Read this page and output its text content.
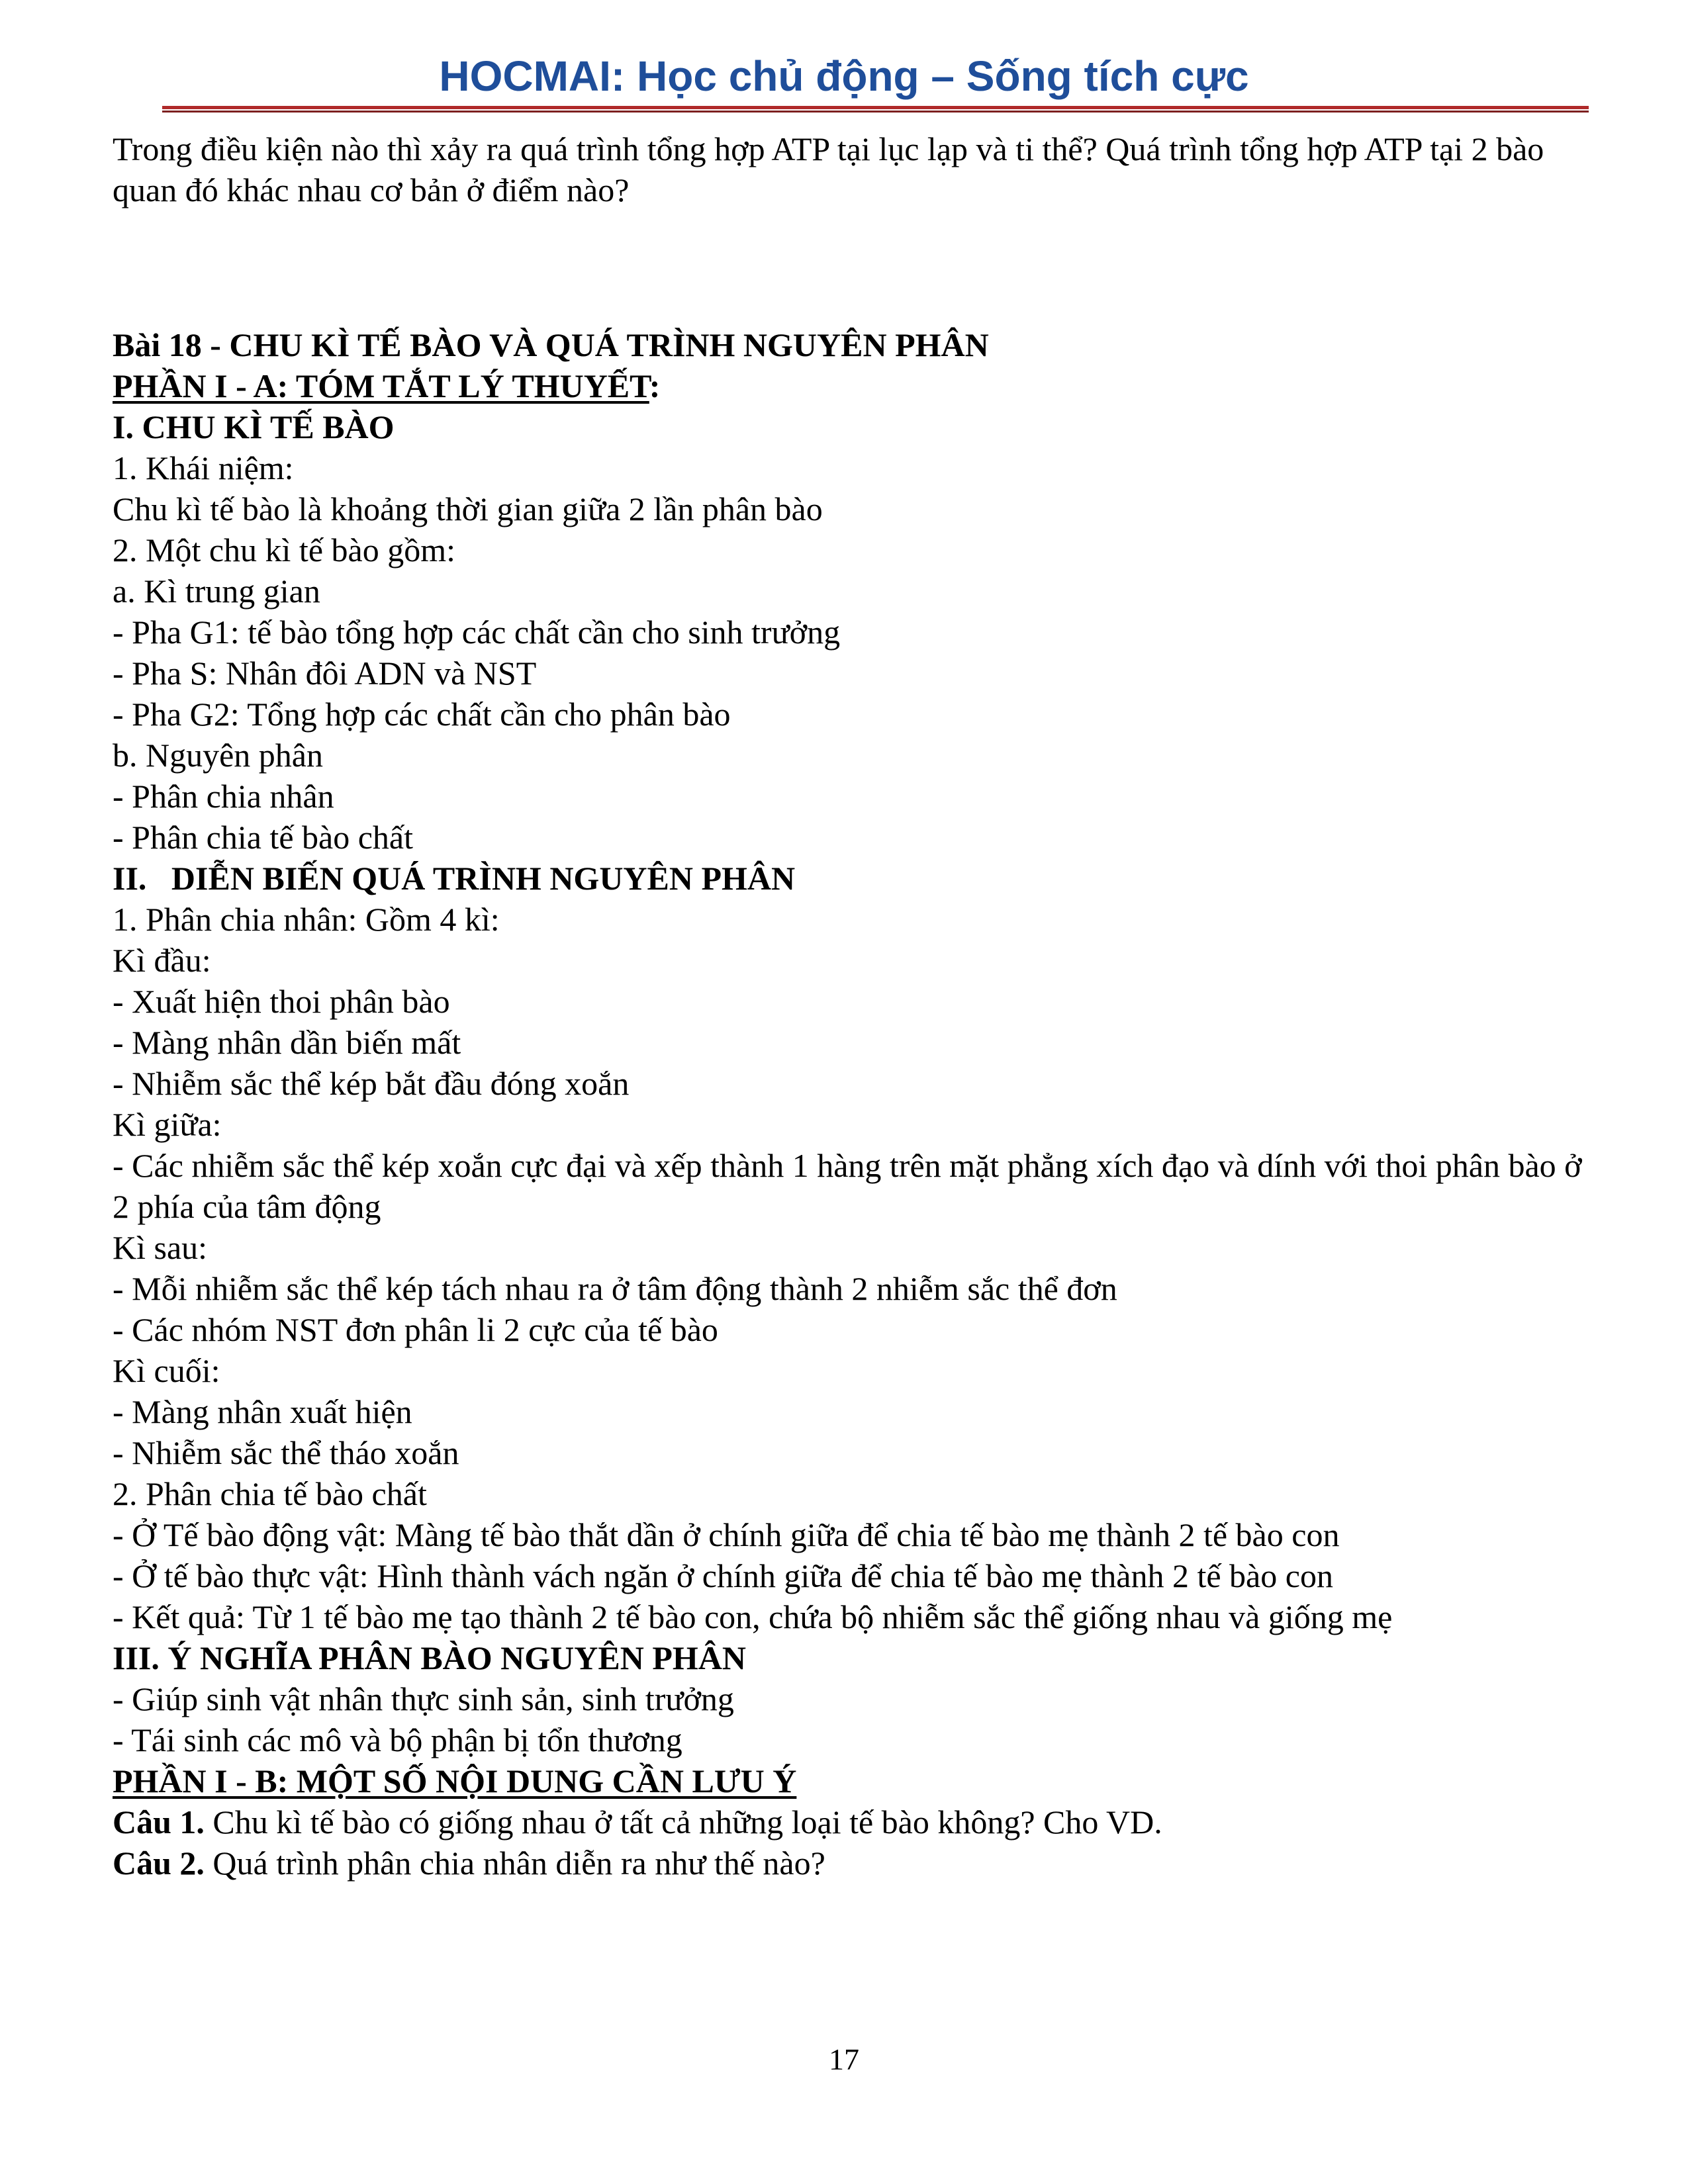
HOCMAI: Học chủ động – Sống tích cực
Trong điều kiện nào thì xảy ra quá trình tổng hợp ATP tại lục lạp và ti thể? Quá trình tổng hợp ATP tại 2 bào quan đó khác nhau cơ bản ở điểm nào?
Bài 18 - CHU KÌ TẾ BÀO VÀ QUÁ TRÌNH NGUYÊN PHÂN
PHẦN I - A: TÓM TẮT LÝ THUYẾT:
I. CHU KÌ TẾ BÀO
1. Khái niệm:
Chu kì tế bào là khoảng thời gian giữa 2 lần phân bào
2. Một chu kì tế bào gồm:
a. Kì trung gian
- Pha G1: tế bào tổng hợp các chất cần cho sinh trưởng
- Pha S: Nhân đôi ADN và NST
- Pha G2: Tổng hợp các chất cần cho phân bào
b. Nguyên phân
- Phân chia nhân
- Phân chia tế bào chất
II.   DIỄN BIẾN QUÁ TRÌNH NGUYÊN PHÂN
1. Phân chia nhân: Gồm 4 kì:
Kì đầu:
- Xuất hiện thoi phân bào
- Màng nhân dần biến mất
- Nhiễm sắc thể kép bắt đầu đóng xoắn
Kì giữa:
- Các nhiễm sắc thể kép xoắn cực đại và xếp thành 1 hàng trên mặt phẳng xích đạo và dính với thoi phân bào ở 2 phía của tâm động
Kì sau:
- Mỗi nhiễm sắc thể kép tách nhau ra ở tâm động thành 2 nhiễm sắc thể đơn
- Các nhóm NST đơn phân li 2 cực của tế bào
Kì cuối:
- Màng nhân xuất hiện
- Nhiễm sắc thể tháo xoắn
2. Phân chia tế bào chất
- Ở Tế bào động vật: Màng tế bào thắt dần ở chính giữa để chia tế bào mẹ thành 2 tế bào con
- Ở tế bào thực vật: Hình thành vách ngăn ở chính giữa để chia tế bào mẹ thành 2 tế bào con
- Kết quả: Từ 1 tế bào mẹ tạo thành 2 tế bào con, chứa bộ nhiễm sắc thể giống nhau và giống mẹ
III. Ý NGHĨA PHÂN BÀO NGUYÊN PHÂN
- Giúp sinh vật nhân thực sinh sản, sinh trưởng
- Tái sinh các mô và bộ phận bị tổn thương
PHẦN I - B: MỘT SỐ NỘI DUNG CẦN LƯU Ý
Câu 1. Chu kì tế bào có giống nhau ở tất cả những loại tế bào không? Cho VD.
Câu 2. Quá trình phân chia nhân diễn ra như thế nào?
17
